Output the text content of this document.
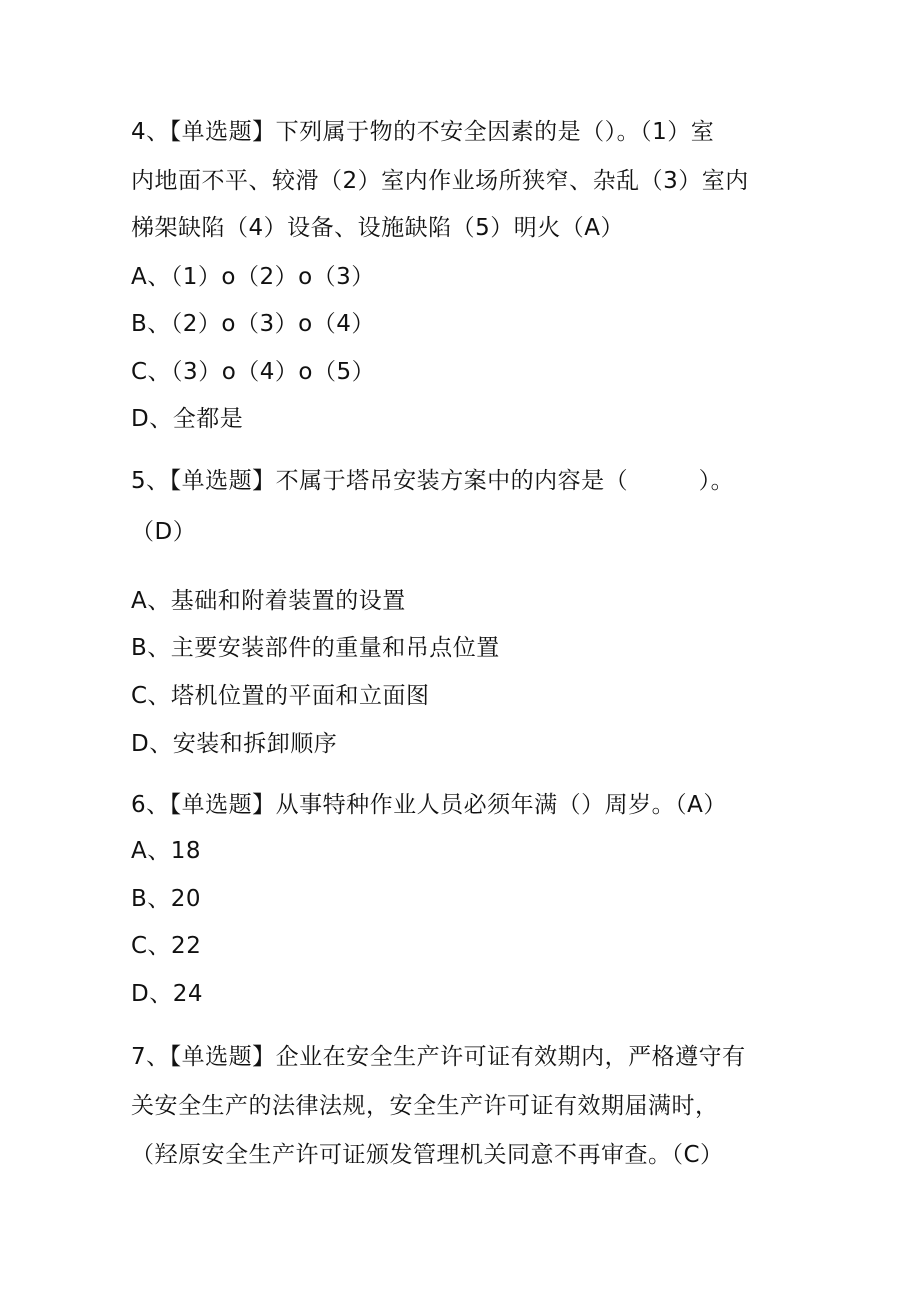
4、【单选题】下列属于物的不安全因素的是（）。（1）室
内地面不平、较滑（2）室内作业场所狭窄、杂乱（3）室内
梯架缺陷（4）设备、设施缺陷（5）明火（A）
A、（1）o（2）o（3）
B、（2）o（3）o（4）
C、（3）o（4）o（5）
D、全都是
5、【单选题】不属于塔吊安装方案中的内容是（　　　）。
（D）
A、基础和附着装置的设置
B、主要安装部件的重量和吊点位置
C、塔机位置的平面和立面图
D、安装和拆卸顺序
6、【单选题】从事特种作业人员必须年满（）周岁。（A）
A、18
B、20
C、22
D、24
7、【单选题】企业在安全生产许可证有效期内，严格遵守有
关安全生产的法律法规，安全生产许可证有效期届满时，
（羟原安全生产许可证颁发管理机关同意不再审查。（C）
